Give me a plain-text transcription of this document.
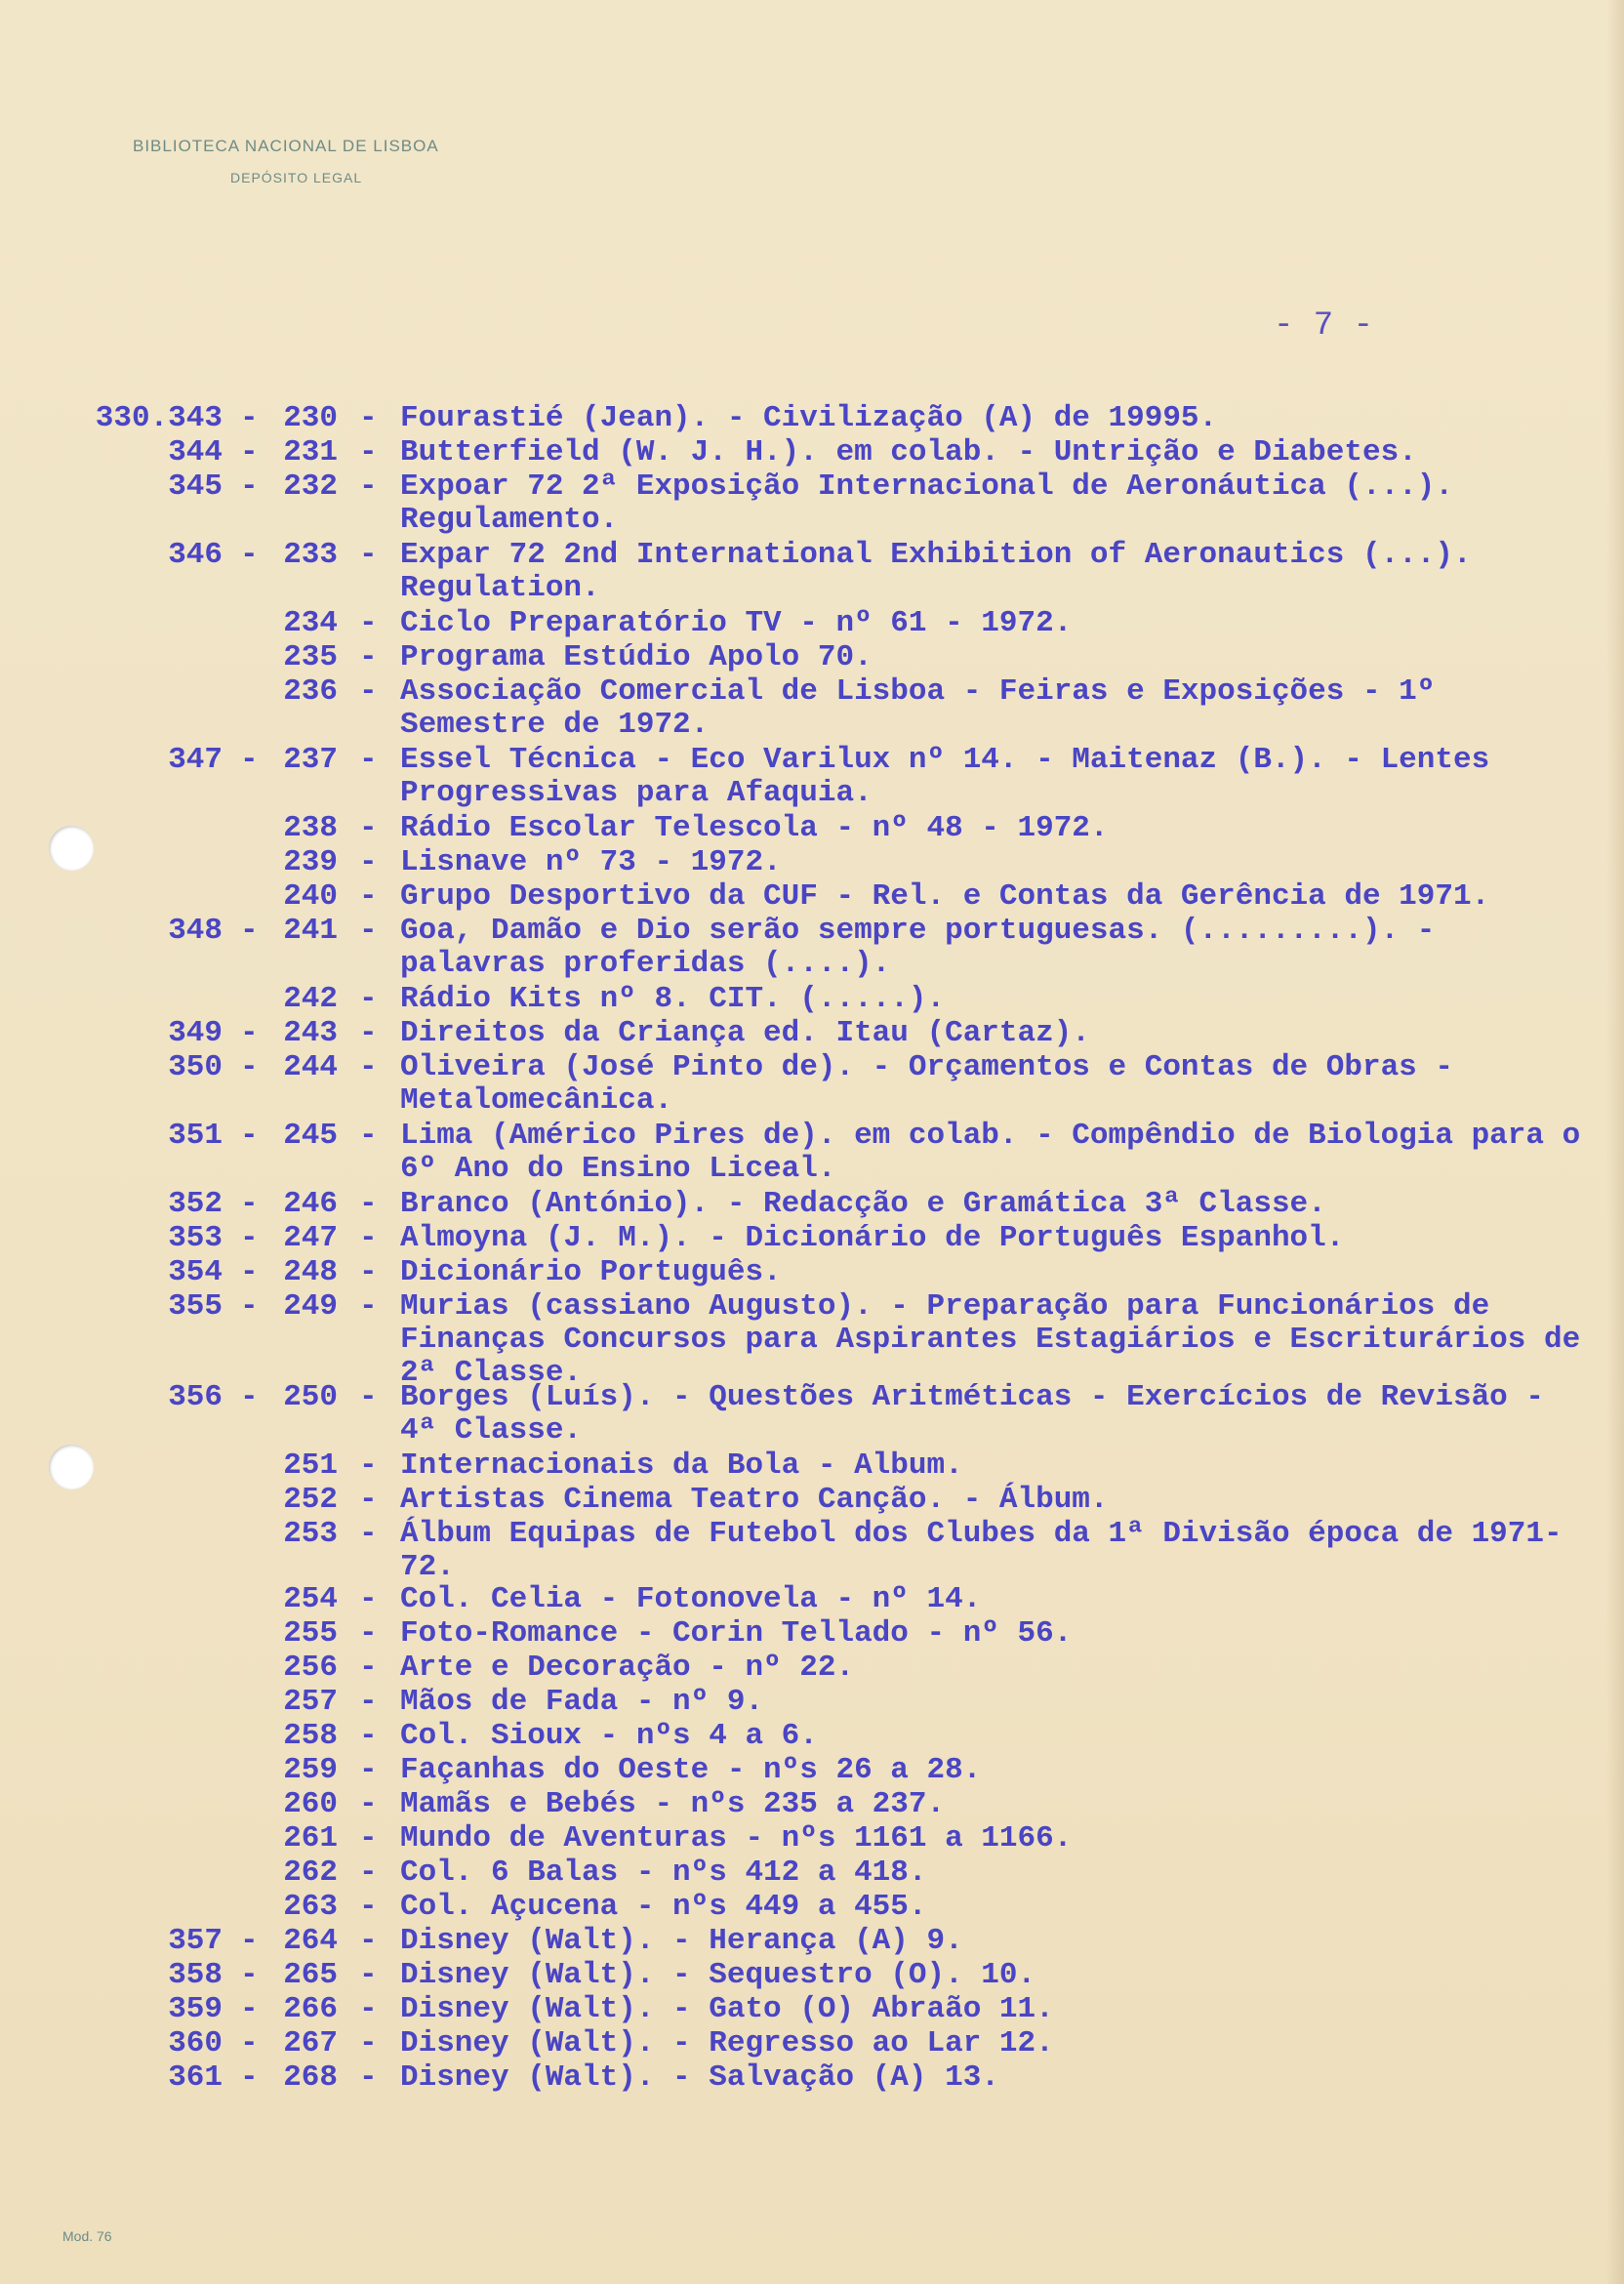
BIBLIOTECA NACIONAL DE LISBOA
DEPÓSITO LEGAL
- 7 -
330.343 - 230 - Fourastié (Jean). - Civilização (A) de 19995.
344 - 231 - Butterfield (W. J. H.). em colab. - Untrição e Diabetes.
345 - 232 - Expoar 72 2ª Exposição Internacional de Aeronáutica (...). Regulamento.
346 - 233 - Expar 72 2nd International Exhibition of Aeronautics (...). Regulation.
234 - Ciclo Preparatório TV - nº 61 - 1972.
235 - Programa Estúdio Apolo 70.
236 - Associação Comercial de Lisboa - Feiras e Exposições - 1º Semestre de 1972.
347 - 237 - Essel Técnica - Eco Varilux nº 14. - Maitenaz (B.). - Lentes Progressivas para Afaquia.
238 - Rádio Escolar Telescola - nº 48 - 1972.
239 - Lisnave nº 73 - 1972.
240 - Grupo Desportivo da CUF - Rel. e Contas da Gerência de 1971.
348 - 241 - Goa, Damão e Dio serão sempre portuguesas. (.........). - palavras proferidas (....).
242 - Rádio Kits nº 8. CIT. (.....).
349 - 243 - Direitos da Criança ed. Itau (Cartaz).
350 - 244 - Oliveira (José Pinto de). - Orçamentos e Contas de Obras - Metalomecânica.
351 - 245 - Lima (Américo Pires de). em colab. - Compêndio de Biologia para o 6º Ano do Ensino Liceal.
352 - 246 - Branco (António). - Redacção e Gramática 3ª Classe.
353 - 247 - Almoyna (J. M.). - Dicionário de Português Espanhol.
354 - 248 - Dicionário Português.
355 - 249 - Murias (cassiano Augusto). - Preparação para Funcionários de Finanças Concursos para Aspirantes Estagiários e Escriturários de 2ª Classe.
356 - 250 - Borges (Luís). - Questões Aritméticas - Exercícios de Revisão - 4ª Classe.
251 - Internacionais da Bola - Album.
252 - Artistas Cinema Teatro Canção. - Álbum.
253 - Álbum Equipas de Futebol dos Clubes da 1ª Divisão época de 1971-72.
254 - Col. Celia - Fotonovela - nº 14.
255 - Foto-Romance - Corin Tellado - nº 56.
256 - Arte e Decoração - nº 22.
257 - Mãos de Fada - nº 9.
258 - Col. Sioux - nºs 4 a 6.
259 - Façanhas do Oeste - nºs 26 a 28.
260 - Mamãs e Bebés - nºs 235 a 237.
261 - Mundo de Aventuras - nºs 1161 a 1166.
262 - Col. 6 Balas - nºs 412 a 418.
263 - Col. Açucena - nºs 449 a 455.
357 - 264 - Disney (Walt). - Herança (A) 9.
358 - 265 - Disney (Walt). - Sequestro (O). 10.
359 - 266 - Disney (Walt). - Gato (O) Abraão 11.
360 - 267 - Disney (Walt). - Regresso ao Lar 12.
361 - 268 - Disney (Walt). - Salvação (A) 13.
Mod. 76
